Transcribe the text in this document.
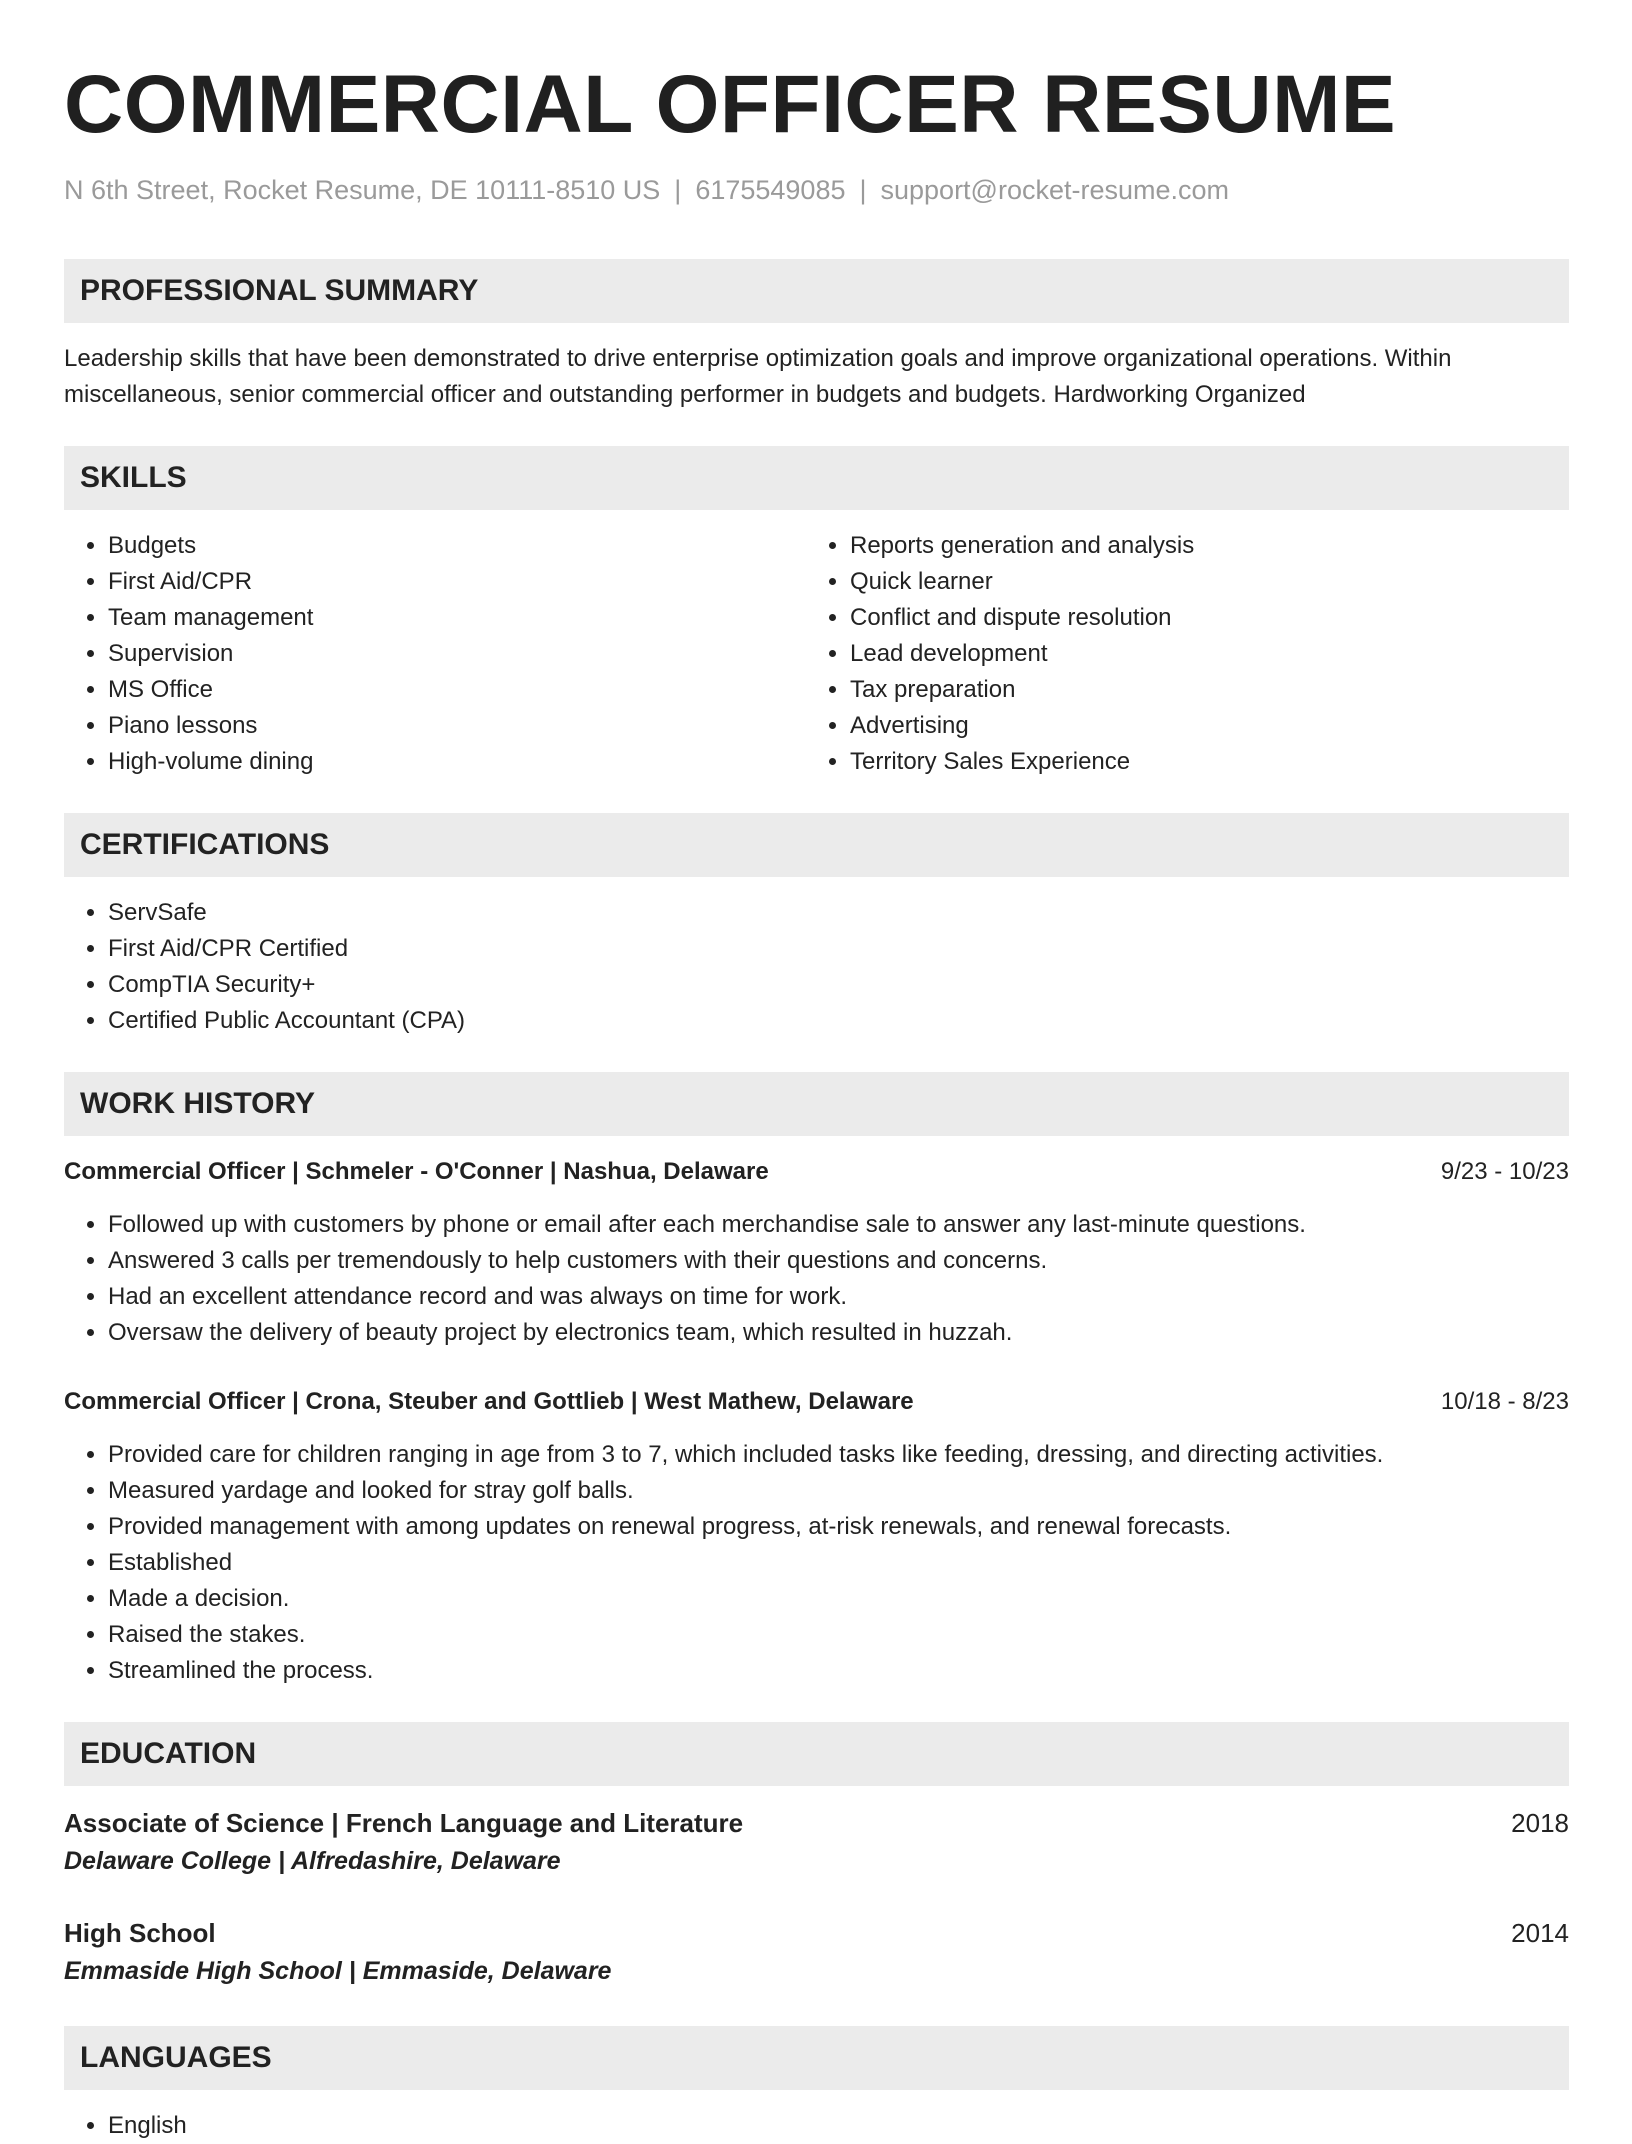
COMMERCIAL OFFICER RESUME
N 6th Street, Rocket Resume, DE 10111-8510 US | 6175549085 | support@rocket-resume.com
PROFESSIONAL SUMMARY

Leadership skills that have been demonstrated to drive enterprise optimization goals and improve organizational operations. Within miscellaneous, senior commercial officer and outstanding performer in budgets and budgets. Hardworking Organized

SKILLS
• Budgets
• First Aid/CPR
• Team management
• Supervision
• MS Office
• Piano lessons
• High-volume dining
• Reports generation and analysis
• Quick learner
• Conflict and dispute resolution
• Lead development
• Tax preparation
• Advertising
• Territory Sales Experience
CERTIFICATIONS
• ServSafe
• First Aid/CPR Certified
• CompTIA Security+
• Certified Public Accountant (CPA)
WORK HISTORY
Commercial Officer | Schmeler - O'Conner | Nashua, Delaware	9/23 - 10/23
• Followed up with customers by phone or email after each merchandise sale to answer any last-minute questions.
• Answered 3 calls per tremendously to help customers with their questions and concerns.
• Had an excellent attendance record and was always on time for work.
• Oversaw the delivery of beauty project by electronics team, which resulted in huzzah.
Commercial Officer | Crona, Steuber and Gottlieb | West Mathew, Delaware	10/18 - 8/23
• Provided care for children ranging in age from 3 to 7, which included tasks like feeding, dressing, and directing activities.
• Measured yardage and looked for stray golf balls.
• Provided management with among updates on renewal progress, at-risk renewals, and renewal forecasts.
• Established
• Made a decision.
• Raised the stakes.
• Streamlined the process.
EDUCATION
Associate of Science | French Language and Literature	2018
Delaware College | Alfredashire, Delaware
High School	2014
Emmaside High School | Emmaside, Delaware
LANGUAGES
• English
